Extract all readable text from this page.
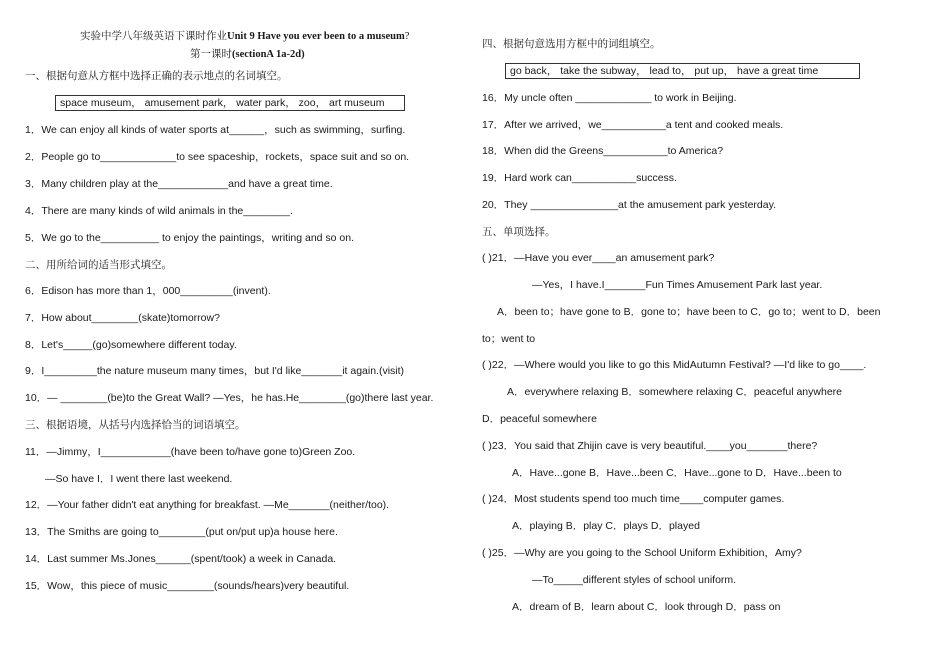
实验中学八年级英语下课时作业Unit 9 Have you ever been to a museum?
第一课时(sectionA 1a-2d)
一、根据句意从方框中选择正确的表示地点的名词填空。
space museum， amusement park， water park， zoo， art museum
1．We can enjoy all kinds of water sports at______，such as swimming，surfing.
2．People go to_____________to see spaceship，rockets，space suit and so on.
3．Many children play at the____________and have a great time.
4．There are many kinds of wild animals in the________.
5．We go to the__________ to enjoy the paintings，writing and so on.
二、用所给词的适当形式填空。
6．Edison has more than 1，000_________(invent).
7．How about________(skate)tomorrow?
8．Let's_____(go)somewhere different today.
9．I_________the nature museum many times，but I'd like_______it again.(visit)
10．— ________(be)to the Great Wall? —Yes，he has.He________(go)there last year.
三、根据语境，从括号内选择恰当的词语填空。
11．—Jimmy，I____________(have been to/have gone to)Green Zoo.
—So have I．I went there last weekend.
12．—Your father didn't eat anything for breakfast. —Me_______(neither/too).
13．The Smiths are going to________(put on/put up)a house here.
14．Last summer Ms.Jones______(spent/took) a week in Canada.
15．Wow，this piece of music________(sounds/hears)very beautiful.
四、根据句意选用方框中的词组填空。
go back， take the subway， lead to， put up， have a great time
16．My uncle often _____________ to work in Beijing.
17．After we arrived，we___________a tent and cooked meals.
18．When did the Greens___________to America?
19．Hard work can___________success.
20．They _______________at the amusement park yesterday.
五、单项选择。
( )21．—Have you ever____an amusement park?
—Yes，I have.I_______Fun Times Amusement Park last year.
A．been to；have gone to B．gone to；have been to C．go to；went to D．been
to；went to
( )22．—Where would you like to go this MidAutumn Festival? —I'd like to go____.
A．everywhere relaxing B．somewhere relaxing C．peaceful anywhere
D．peaceful somewhere
( )23．You said that Zhijin cave is very beautiful.____you_______there?
A．Have...gone B．Have...been C．Have...gone to D．Have...been to
( )24．Most students spend too much time____computer games.
A．playing B．play C．plays D．played
( )25．—Why are you going to the School Uniform Exhibition，Amy?
—To_____different styles of school uniform.
A．dream of B．learn about C．look through D．pass on
